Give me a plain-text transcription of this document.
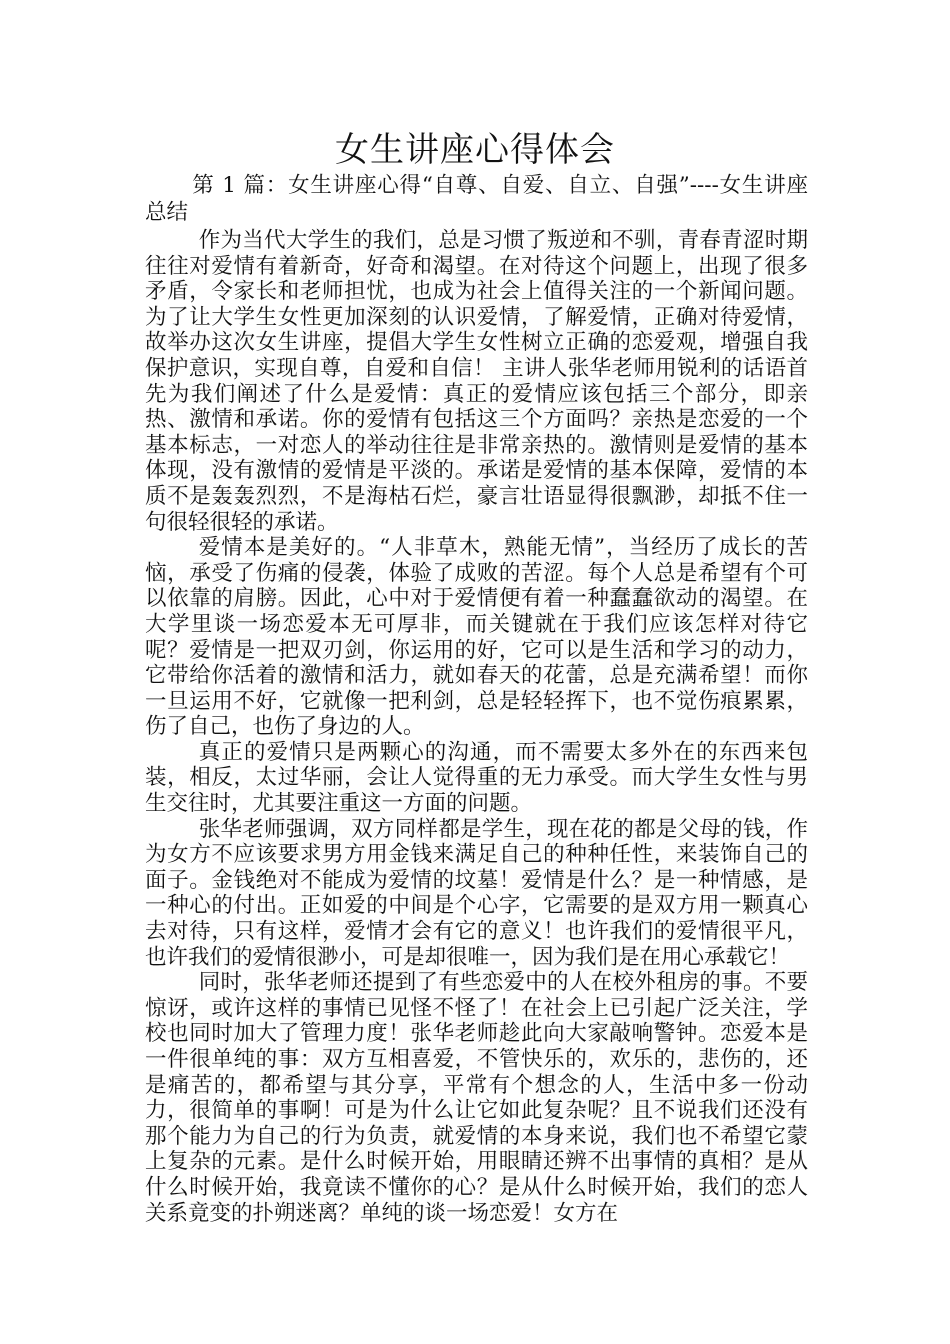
女生讲座心得体会

第 1 篇：女生讲座心得“自尊、自爱、自立、自强”----女生讲座总结

作为当代大学生的我们，总是习惯了叛逆和不驯，青春青涩时期往往对爱情有着新奇，好奇和渴望。在对待这个问题上，出现了很多矛盾，令家长和老师担忧，也成为社会上值得关注的一个新闻问题。为了让大学生女性更加深刻的认识爱情，了解爱情，正确对待爱情，故举办这次女生讲座，提倡大学生女性树立正确的恋爱观，增强自我保护意识，实现自尊，自爱和自信！ 主讲人张华老师用锐利的话语首先为我们阐述了什么是爱情：真正的爱情应该包括三个部分，即亲热、激情和承诺。你的爱情有包括这三个方面吗？亲热是恋爱的一个基本标志，一对恋人的举动往往是非常亲热的。激情则是爱情的基本体现，没有激情的爱情是平淡的。承诺是爱情的基本保障，爱情的本质不是轰轰烈烈，不是海枯石烂，豪言壮语显得很飘渺，却抵不住一句很轻很轻的承诺。

爱情本是美好的。“人非草木，熟能无情”，当经历了成长的苦恼，承受了伤痛的侵袭，体验了成败的苦涩。每个人总是希望有个可以依靠的肩膀。因此，心中对于爱情便有着一种蠢蠢欲动的渴望。在大学里谈一场恋爱本无可厚非，而关键就在于我们应该怎样对待它呢？爱情是一把双刃剑，你运用的好，它可以是生活和学习的动力，它带给你活着的激情和活力，就如春天的花蕾，总是充满希望！而你一旦运用不好，它就像一把利剑，总是轻轻挥下，也不觉伤痕累累，伤了自己，也伤了身边的人。

真正的爱情只是两颗心的沟通，而不需要太多外在的东西来包装，相反，太过华丽，会让人觉得重的无力承受。而大学生女性与男生交往时，尤其要注重这一方面的问题。

张华老师强调，双方同样都是学生，现在花的都是父母的钱，作为女方不应该要求男方用金钱来满足自己的种种任性，来装饰自己的面子。金钱绝对不能成为爱情的坟墓！爱情是什么？是一种情感，是一种心的付出。正如爱的中间是个心字，它需要的是双方用一颗真心去对待，只有这样，爱情才会有它的意义！也许我们的爱情很平凡，也许我们的爱情很渺小，可是却很唯一，因为我们是在用心承载它！

同时，张华老师还提到了有些恋爱中的人在校外租房的事。不要惊讶，或许这样的事情已见怪不怪了！在社会上已引起广泛关注，学校也同时加大了管理力度！张华老师趁此向大家敲响警钟。恋爱本是一件很单纯的事：双方互相喜爱，不管快乐的，欢乐的，悲伤的，还是痛苦的，都希望与其分享，平常有个想念的人，生活中多一份动力，很简单的事啊！可是为什么让它如此复杂呢？且不说我们还没有那个能力为自己的行为负责，就爱情的本身来说，我们也不希望它蒙上复杂的元素。是什么时候开始，用眼睛还辨不出事情的真相？是从什么时候开始，我竟读不懂你的心？是从什么时候开始，我们的恋人关系竟变的扑朔迷离？单纯的谈一场恋爱！女方在
